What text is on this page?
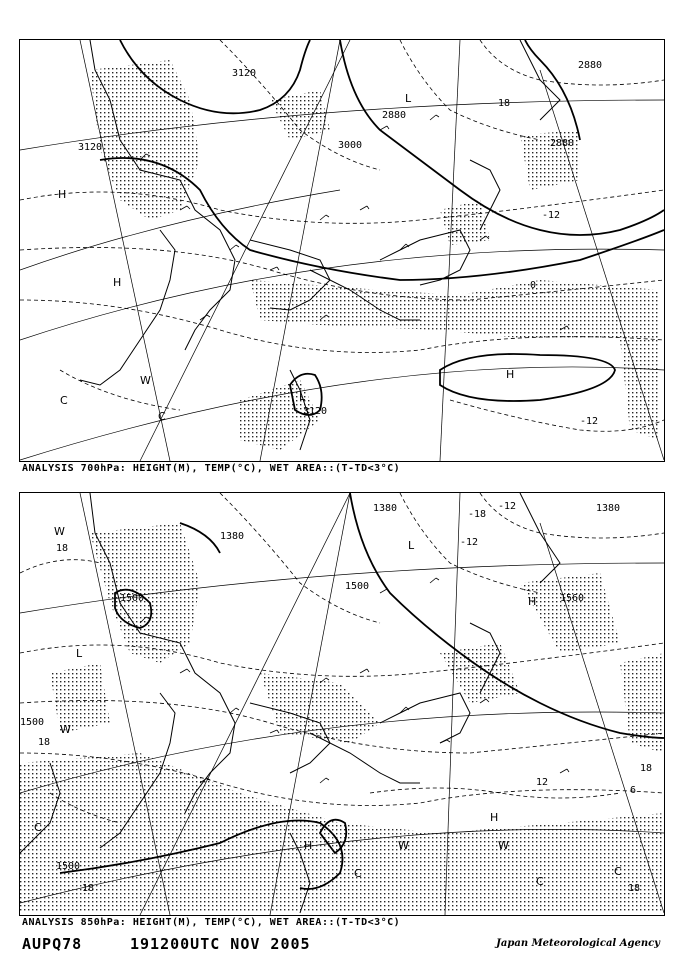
3120
3120	3000
2880
2880
2880
3120
H
H
L
L
H
W
C
C
-12
-12
0
18
ANALYSIS 700hPa: HEIGHT(M), TEMP(°C), WET AREA::(T-TD<3°C)
1500
1500
1500
1380
1380
1380
1500
1560
H
H
L
L
H
W
W
W	W
C
C
C
C
18
18
18
18
18
-12
-12
-18
12
6
ANALYSIS 850hPa: HEIGHT(M), TEMP(°C), WET AREA::(T-TD<3°C)
AUPQ78	191200UTC NOV 2005	Japan Meteorological Agency
